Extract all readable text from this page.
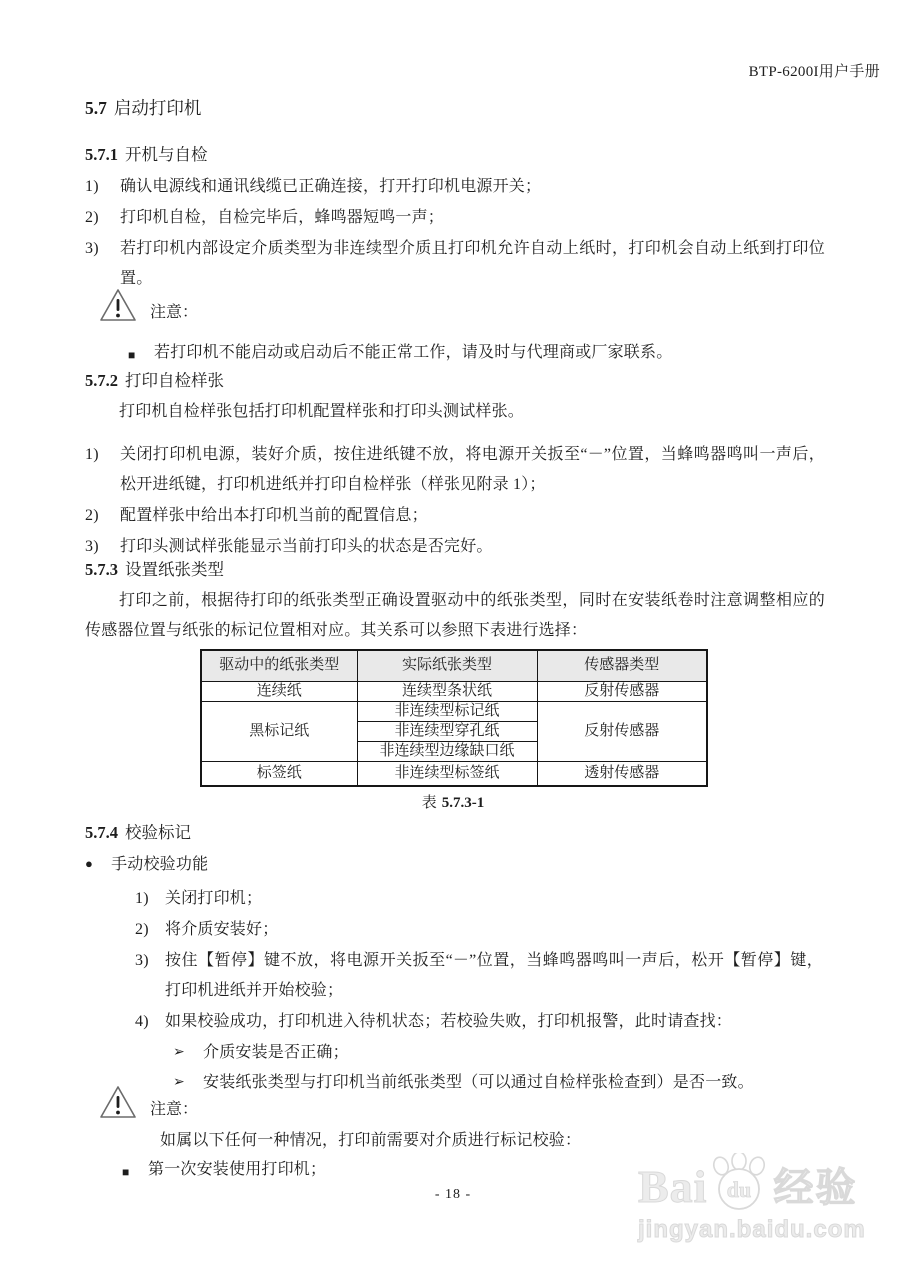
BTP-6200I用户手册
5.7 启动打印机
5.7.1 开机与自检
1)	确认电源线和通讯线缆已正确连接，打开打印机电源开关；
2)	打印机自检，自检完毕后，蜂鸣器短鸣一声；
3)	若打印机内部设定介质类型为非连续型介质且打印机允许自动上纸时，打印机会自动上纸到打印位置。
注意：
■	若打印机不能启动或启动后不能正常工作，请及时与代理商或厂家联系。
5.7.2 打印自检样张
打印机自检样张包括打印机配置样张和打印头测试样张。
1)	关闭打印机电源，装好介质，按住进纸键不放，将电源开关扳至“－”位置，当蜂鸣器鸣叫一声后，松开进纸键，打印机进纸并打印自检样张（样张见附录 1）；
2)	配置样张中给出本打印机当前的配置信息；
3)	打印头测试样张能显示当前打印头的状态是否完好。
5.7.3 设置纸张类型
打印之前，根据待打印的纸张类型正确设置驱动中的纸张类型，同时在安装纸卷时注意调整相应的传感器位置与纸张的标记位置相对应。其关系可以参照下表进行选择：
驱动中的纸张类型	实际纸张类型	传感器类型
连续纸	连续型条状纸	反射传感器
黑标记纸	非连续型标记纸	反射传感器
	非连续型穿孔纸	
	非连续型边缘缺口纸	
标签纸	非连续型标签纸	透射传感器
表 5.7.3-1
5.7.4 校验标记
● 手动校验功能
1)	关闭打印机；
2)	将介质安装好；
3)	按住【暂停】键不放，将电源开关扳至“－”位置，当蜂鸣器鸣叫一声后，松开【暂停】键，打印机进纸并开始校验；
4)	如果校验成功，打印机进入待机状态；若校验失败，打印机报警，此时请查找：
➢	介质安装是否正确；
➢	安装纸张类型与打印机当前纸张类型（可以通过自检样张检查到）是否一致。
注意：
如属以下任何一种情况，打印前需要对介质进行标记校验：
■	第一次安装使用打印机；
- 18 -	Bai du 经验
jingyan.baidu.com
